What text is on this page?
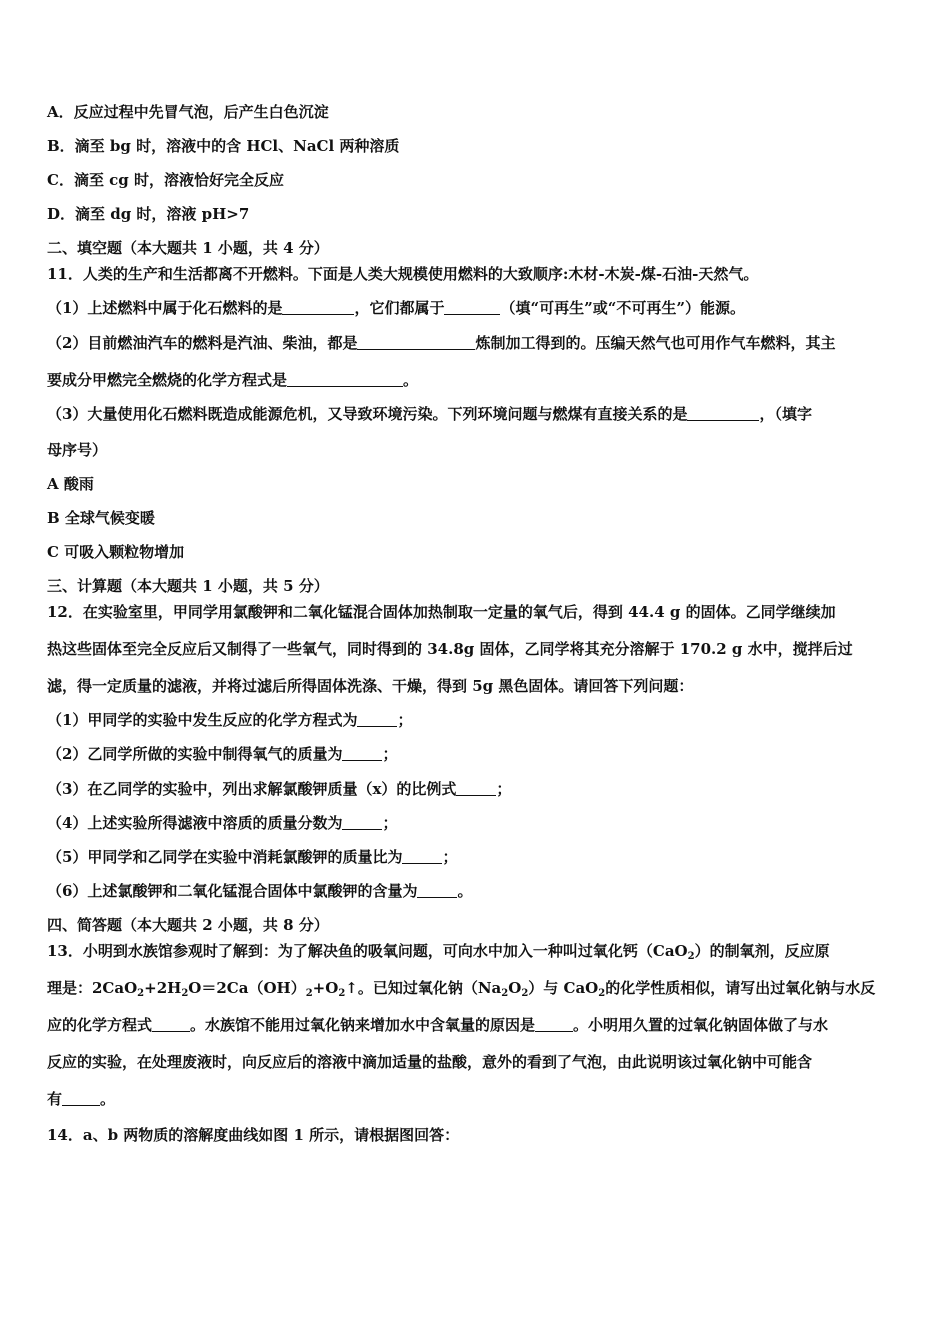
A．反应过程中先冒气泡，后产生白色沉淀
B．滴至 bg 时，溶液中的含 HCl、NaCl 两种溶质
C．滴至 cg 时，溶液恰好完全反应
D．滴至 dg 时，溶液 pH>7
二、填空题（本大题共 1 小题，共 4 分）
11．人类的生产和生活都离不开燃料。下面是人类大规模使用燃料的大致顺序:木材-木炭-煤-石油-天然气。
（1）上述燃料中属于化石燃料的是	，它们都属于	（填“可再生”或“不可再生”）能源。
（2）目前燃油汽车的燃料是汽油、柴油，都是	炼制加工得到的。压编天然气也可用作气车燃料，其主
要成分甲燃完全燃烧的化学方程式是	。
（3）大量使用化石燃料既造成能源危机，又导致环境污染。下列环境问题与燃煤有直接关系的是	，（填字
母序号）
A 酸雨
B 全球气候变暖
C 可吸入颗粒物增加
三、计算题（本大题共 1 小题，共 5 分）
12．在实验室里，甲同学用氯酸钾和二氧化锰混合固体加热制取一定量的氧气后，得到 44.4 g 的固体。乙同学继续加
热这些固体至完全反应后又制得了一些氧气，同时得到的 34.8g 固体，乙同学将其充分溶解于 170.2 g 水中，搅拌后过
滤，得一定质量的滤液，并将过滤后所得固体洗涤、干燥，得到 5g 黑色固体。请回答下列问题：
（1）甲同学的实验中发生反应的化学方程式为	；
（2）乙同学所做的实验中制得氧气的质量为	；
（3）在乙同学的实验中，列出求解氯酸钾质量（x）的比例式	；
（4）上述实验所得滤液中溶质的质量分数为	；
（5）甲同学和乙同学在实验中消耗氯酸钾的质量比为	；
（6）上述氯酸钾和二氧化锰混合固体中氯酸钾的含量为	。
四、简答题（本大题共 2 小题，共 8 分）
13．小明到水族馆参观时了解到：为了解决鱼的吸氧问题，可向水中加入一种叫过氧化钙（CaO$_2$）的制氧剂，反应原
理是：$2CaO_2+2H_2O=2Ca(OH)_2+O_2↑$。已知过氧化钠$(Na_2O_2)$与 CaO$_2$的化学性质相似，请写出过氧化钠与水反
应的化学方程式	。水族馆不能用过氧化钠来增加水中含氧量的原因是	。小明用久置的过氧化钠固体做了与水
反应的实验，在处理废液时，向反应后的溶液中滴加适量的盐酸，意外的看到了气泡，由此说明该过氧化钠中可能含
有	。
14．a、b 两物质的溶解度曲线如图 1 所示，请根据图回答：
